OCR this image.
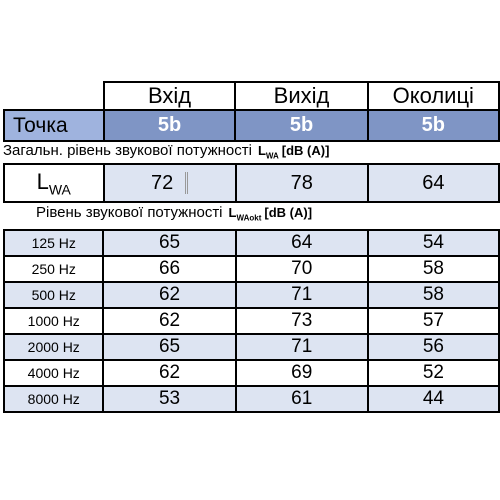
	Вхід	Вихід	Околиці
Точка	5b	5b	5b
Загальн. рівень звукової потужності $L_{WA}$ [dB (A)]
$L_{WA}$	72	78	64
Рівень звукової потужності $L_{WAokt}$ [dB (A)]
125 Hz	65	64	54
250 Hz	66	70	58
500 Hz	62	71	58
1000 Hz	62	73	57
2000 Hz	65	71	56
4000 Hz	62	69	52
8000 Hz	53	61	44
